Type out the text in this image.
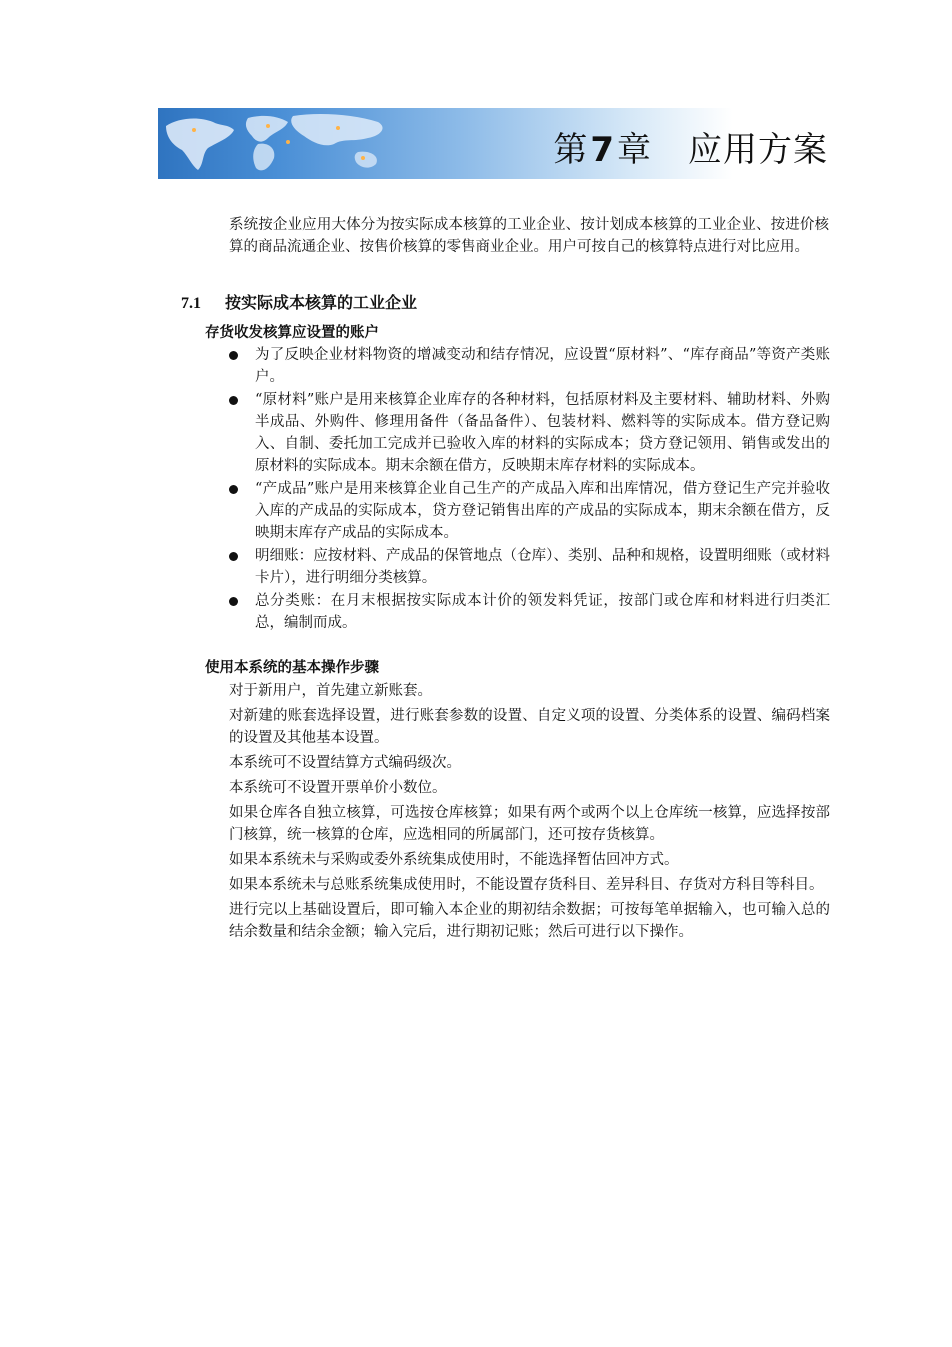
第7章 应用方案
系统按企业应用大体分为按实际成本核算的工业企业、按计划成本核算的工业企业、按进价核算的商品流通企业、按售价核算的零售商业企业。用户可按自己的核算特点进行对比应用。
7.1 按实际成本核算的工业企业
存货收发核算应设置的账户
为了反映企业材料物资的增减变动和结存情况，应设置“原材料”、“库存商品”等资产类账户。
“原材料”账户是用来核算企业库存的各种材料，包括原材料及主要材料、辅助材料、外购半成品、外购件、修理用备件（备品备件）、包装材料、燃料等的实际成本。借方登记购入、自制、委托加工完成并已验收入库的材料的实际成本；贷方登记领用、销售或发出的原材料的实际成本。期末余额在借方，反映期末库存材料的实际成本。
“产成品”账户是用来核算企业自己生产的产成品入库和出库情况，借方登记生产完并验收入库的产成品的实际成本，贷方登记销售出库的产成品的实际成本，期末余额在借方，反映期末库存产成品的实际成本。
明细账：应按材料、产成品的保管地点（仓库）、类别、品种和规格，设置明细账（或材料卡片），进行明细分类核算。
总分类账：在月末根据按实际成本计价的领发料凭证，按部门或仓库和材料进行归类汇总，编制而成。
使用本系统的基本操作步骤

对于新用户，首先建立新账套。

对新建的账套选择设置，进行账套参数的设置、自定义项的设置、分类体系的设置、编码档案的设置及其他基本设置。

本系统可不设置结算方式编码级次。

本系统可不设置开票单价小数位。

如果仓库各自独立核算，可选按仓库核算；如果有两个或两个以上仓库统一核算，应选择按部门核算，统一核算的仓库，应选相同的所属部门，还可按存货核算。

如果本系统未与采购或委外系统集成使用时，不能选择暂估回冲方式。

如果本系统未与总账系统集成使用时，不能设置存货科目、差异科目、存货对方科目等科目。

进行完以上基础设置后，即可输入本企业的期初结余数据；可按每笔单据输入，也可输入总的结余数量和结余金额；输入完后，进行期初记账；然后可进行以下操作。
